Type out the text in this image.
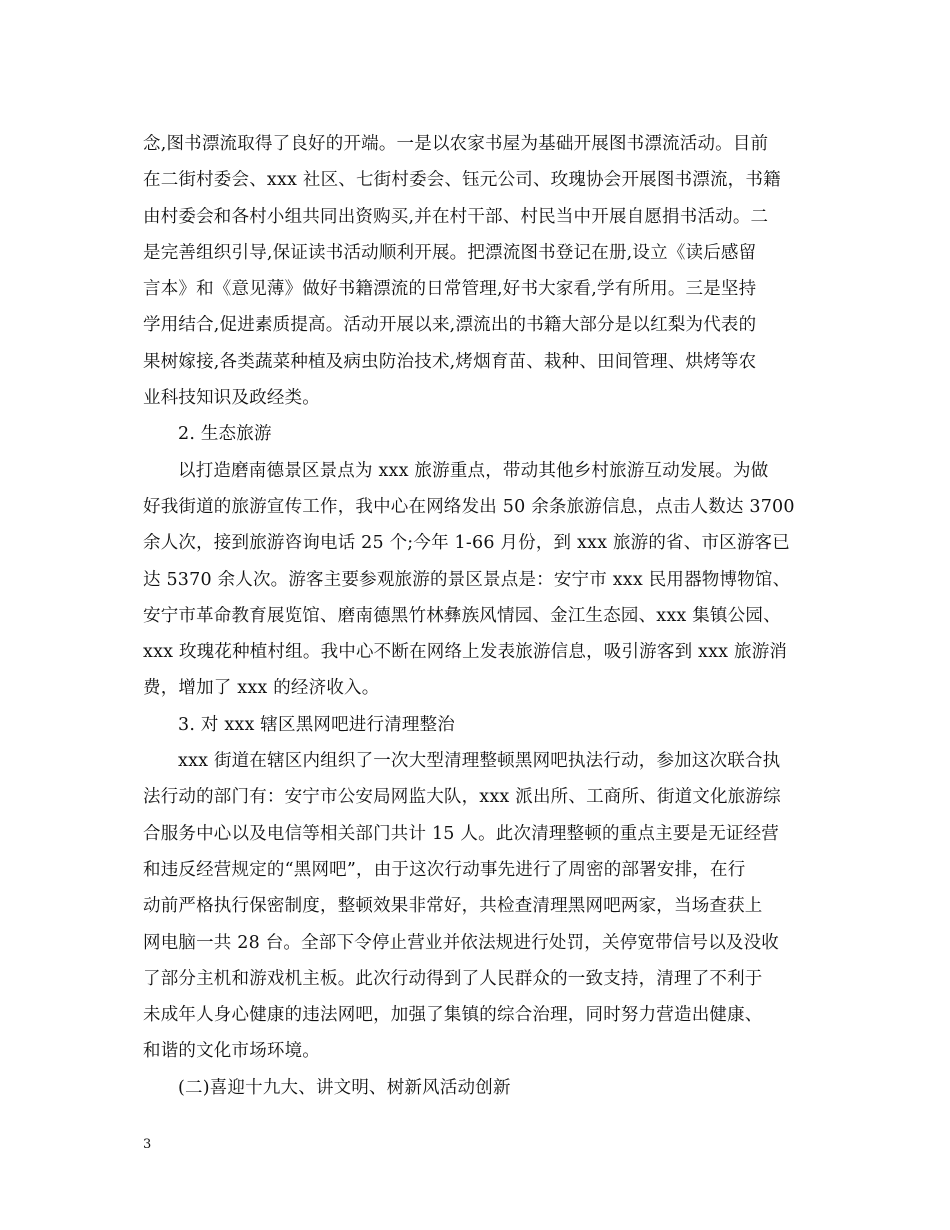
念,图书漂流取得了良好的开端。一是以农家书屋为基础开展图书漂流活动。目前
在二街村委会、xxx 社区、七街村委会、钰元公司、玫瑰协会开展图书漂流，书籍
由村委会和各村小组共同出资购买,并在村干部、村民当中开展自愿捐书活动。二
是完善组织引导,保证读书活动顺利开展。把漂流图书登记在册,设立《读后感留
言本》和《意见薄》做好书籍漂流的日常管理,好书大家看,学有所用。三是坚持
学用结合,促进素质提高。活动开展以来,漂流出的书籍大部分是以红梨为代表的
果树嫁接,各类蔬菜种植及病虫防治技术,烤烟育苗、栽种、田间管理、烘烤等农
业科技知识及政经类。
2. 生态旅游
以打造磨南德景区景点为 xxx 旅游重点，带动其他乡村旅游互动发展。为做
好我街道的旅游宣传工作，我中心在网络发出 50 余条旅游信息，点击人数达 3700
余人次，接到旅游咨询电话 25 个;今年 1-66 月份，到 xxx 旅游的省、市区游客已
达 5370 余人次。游客主要参观旅游的景区景点是：安宁市 xxx 民用器物博物馆、
安宁市革命教育展览馆、磨南德黑竹林彝族风情园、金江生态园、xxx 集镇公园、
xxx 玫瑰花种植村组。我中心不断在网络上发表旅游信息，吸引游客到 xxx 旅游消
费，增加了 xxx 的经济收入。
3. 对 xxx 辖区黑网吧进行清理整治
xxx 街道在辖区内组织了一次大型清理整顿黑网吧执法行动，参加这次联合执
法行动的部门有：安宁市公安局网监大队，xxx 派出所、工商所、街道文化旅游综
合服务中心以及电信等相关部门共计 15 人。此次清理整顿的重点主要是无证经营
和违反经营规定的“黑网吧”，由于这次行动事先进行了周密的部署安排，在行
动前严格执行保密制度，整顿效果非常好，共检查清理黑网吧两家，当场查获上
网电脑一共 28 台。全部下令停止营业并依法规进行处罚，关停宽带信号以及没收
了部分主机和游戏机主板。此次行动得到了人民群众的一致支持，清理了不利于
未成年人身心健康的违法网吧，加强了集镇的综合治理，同时努力营造出健康、
和谐的文化市场环境。
(二)喜迎十九大、讲文明、树新风活动创新
3
